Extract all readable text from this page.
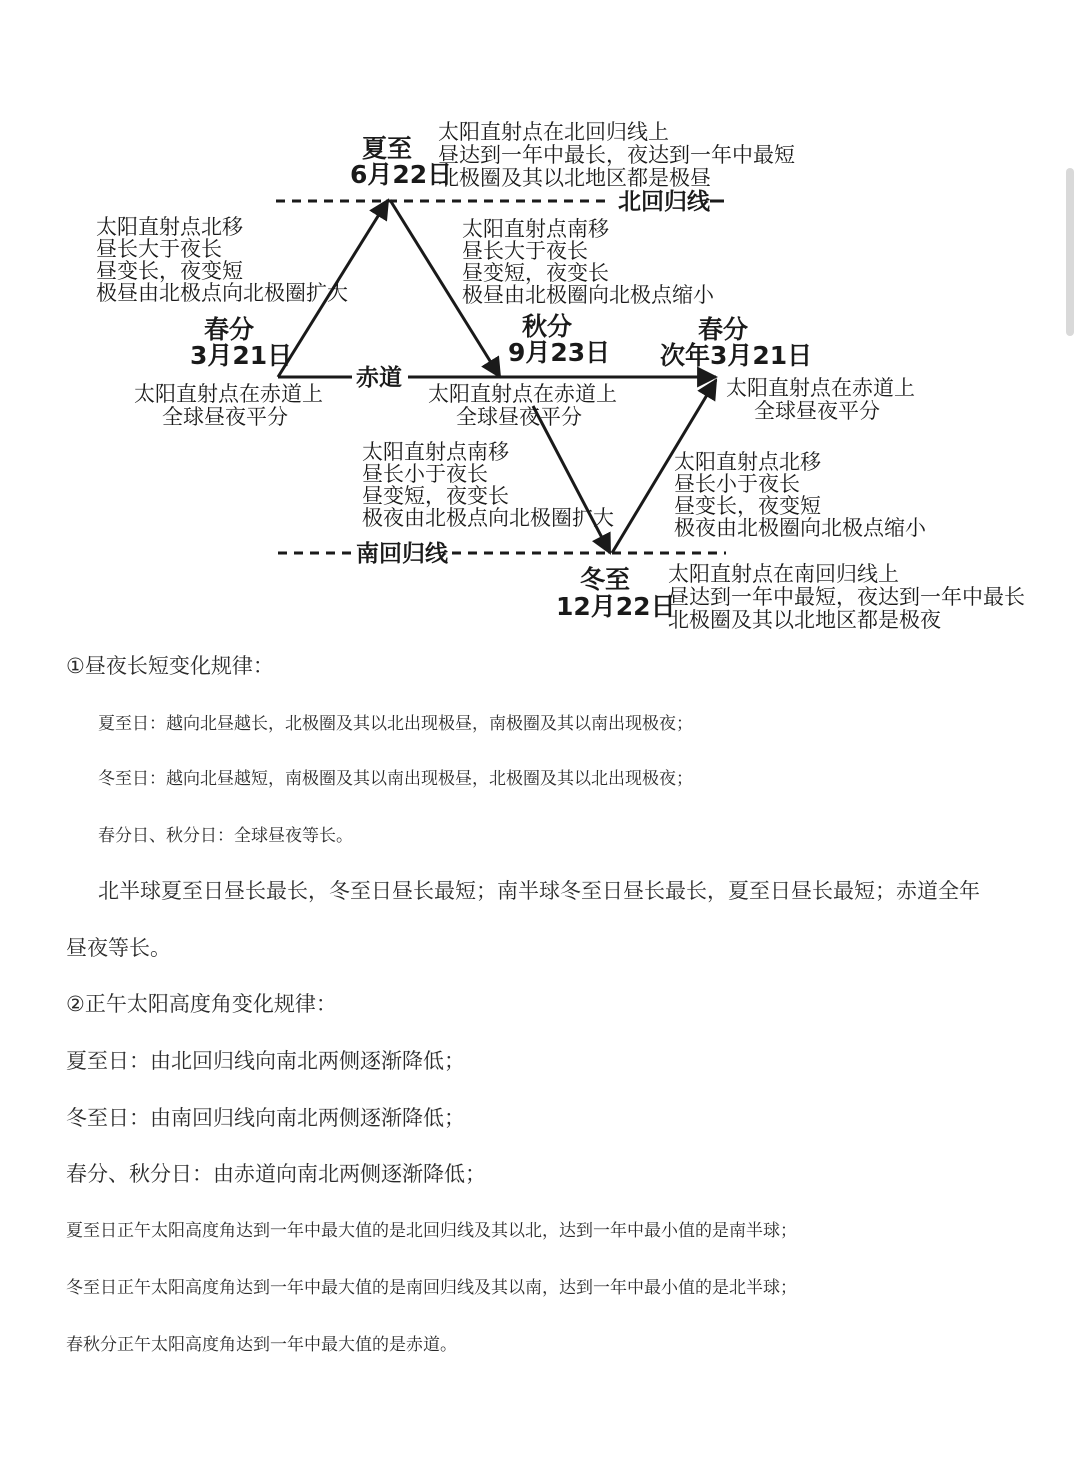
北回归线
赤道
南回归线
夏至
6月22日
太阳直射点在北回归线上
昼达到一年中最长，夜达到一年中最短
北极圈及其以北地区都是极昼
太阳直射点北移
昼长大于夜长
昼变长，夜变短
极昼由北极点向北极圈扩大
太阳直射点南移
昼长大于夜长
昼变短，夜变长
极昼由北极圈向北极点缩小
春分
3月21日
太阳直射点在赤道上
全球昼夜平分
秋分
9月23日
太阳直射点在赤道上
全球昼夜平分
春分
次年3月21日
太阳直射点在赤道上
全球昼夜平分
太阳直射点南移
昼长小于夜长
昼变短，夜变长
极夜由北极点向北极圈扩大
太阳直射点北移
昼长小于夜长
昼变长，夜变短
极夜由北极圈向北极点缩小
冬至
12月22日
太阳直射点在南回归线上
昼达到一年中最短，夜达到一年中最长
北极圈及其以北地区都是极夜
①昼夜长短变化规律：
夏至日：越向北昼越长，北极圈及其以北出现极昼，南极圈及其以南出现极夜；
冬至日：越向北昼越短，南极圈及其以南出现极昼，北极圈及其以北出现极夜；
春分日、秋分日：全球昼夜等长。
北半球夏至日昼长最长，冬至日昼长最短；南半球冬至日昼长最长，夏至日昼长最短；赤道全年
昼夜等长。
②正午太阳高度角变化规律：
夏至日：由北回归线向南北两侧逐渐降低；
冬至日：由南回归线向南北两侧逐渐降低；
春分、秋分日：由赤道向南北两侧逐渐降低；
夏至日正午太阳高度角达到一年中最大值的是北回归线及其以北，达到一年中最小值的是南半球；
冬至日正午太阳高度角达到一年中最大值的是南回归线及其以南，达到一年中最小值的是北半球；
春秋分正午太阳高度角达到一年中最大值的是赤道。
